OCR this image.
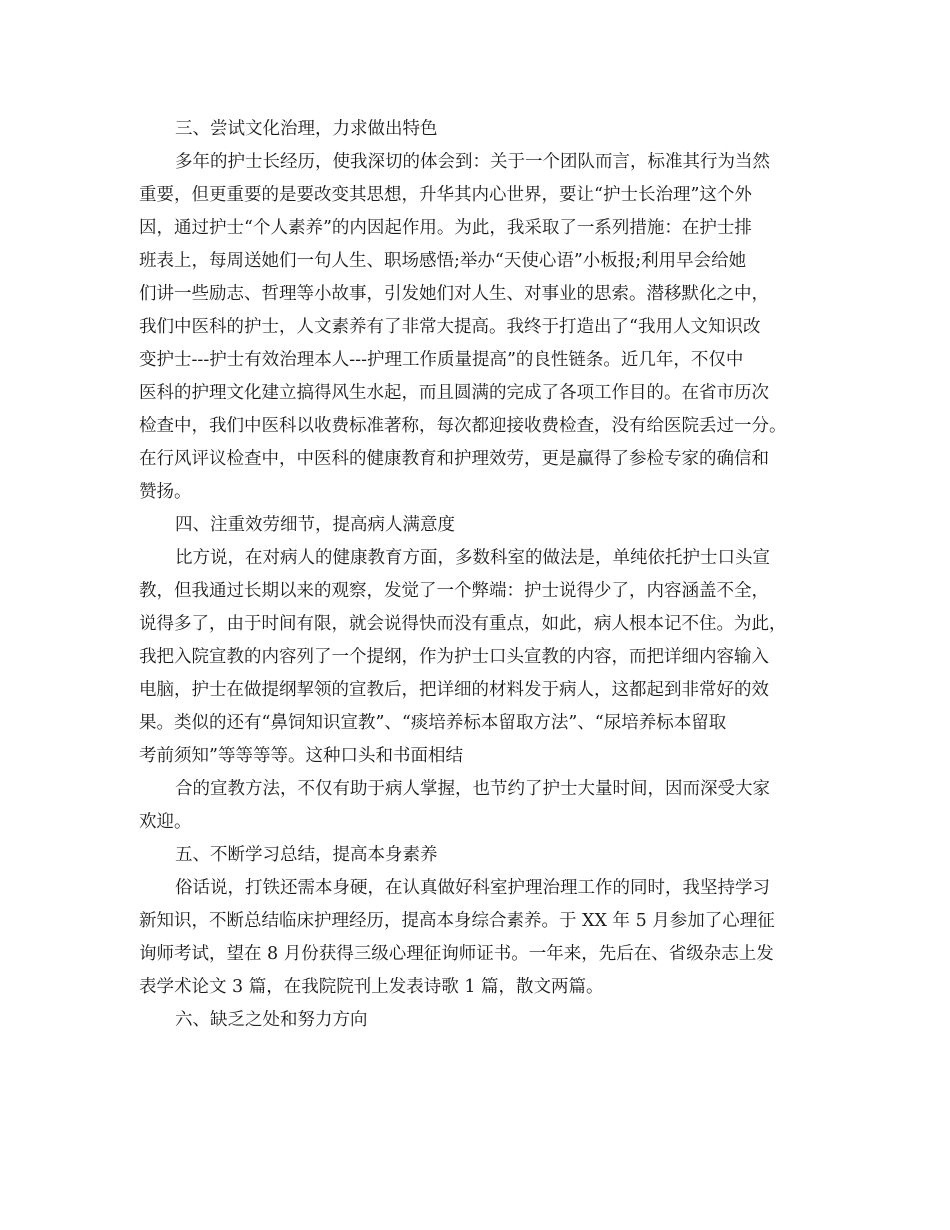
三、尝试文化治理，力求做出特色
多年的护士长经历，使我深切的体会到：关于一个团队而言，标准其行为当然
重要，但更重要的是要改变其思想，升华其内心世界，要让“护士长治理”这个外
因，通过护士“个人素养”的内因起作用。为此，我采取了一系列措施：在护士排
班表上，每周送她们一句人生、职场感悟;举办“天使心语”小板报;利用早会给她
们讲一些励志、哲理等小故事，引发她们对人生、对事业的思索。潜移默化之中，
我们中医科的护士，人文素养有了非常大提高。我终于打造出了“我用人文知识改
变护士---护士有效治理本人---护理工作质量提高”的良性链条。近几年，不仅中
医科的护理文化建立搞得风生水起，而且圆满的完成了各项工作目的。在省市历次
检查中，我们中医科以收费标准著称，每次都迎接收费检查，没有给医院丢过一分。
在行风评议检查中，中医科的健康教育和护理效劳，更是赢得了参检专家的确信和
赞扬。
四、注重效劳细节，提高病人满意度
比方说，在对病人的健康教育方面，多数科室的做法是，单纯依托护士口头宣
教，但我通过长期以来的观察，发觉了一个弊端：护士说得少了，内容涵盖不全，
说得多了，由于时间有限，就会说得快而没有重点，如此，病人根本记不住。为此，
我把入院宣教的内容列了一个提纲，作为护士口头宣教的内容，而把详细内容输入
电脑，护士在做提纲挈领的宣教后，把详细的材料发于病人，这都起到非常好的效
果。类似的还有“鼻饲知识宣教”、“痰培养标本留取方法”、“尿培养标本留取
考前须知”等等等等。这种口头和书面相结
合的宣教方法，不仅有助于病人掌握，也节约了护士大量时间，因而深受大家
欢迎。
五、不断学习总结，提高本身素养
俗话说，打铁还需本身硬，在认真做好科室护理治理工作的同时，我坚持学习
新知识，不断总结临床护理经历，提高本身综合素养。于 XX 年 5 月参加了心理征
询师考试，望在 8 月份获得三级心理征询师证书。一年来，先后在、省级杂志上发
表学术论文 3 篇，在我院院刊上发表诗歌 1 篇，散文两篇。
六、缺乏之处和努力方向
